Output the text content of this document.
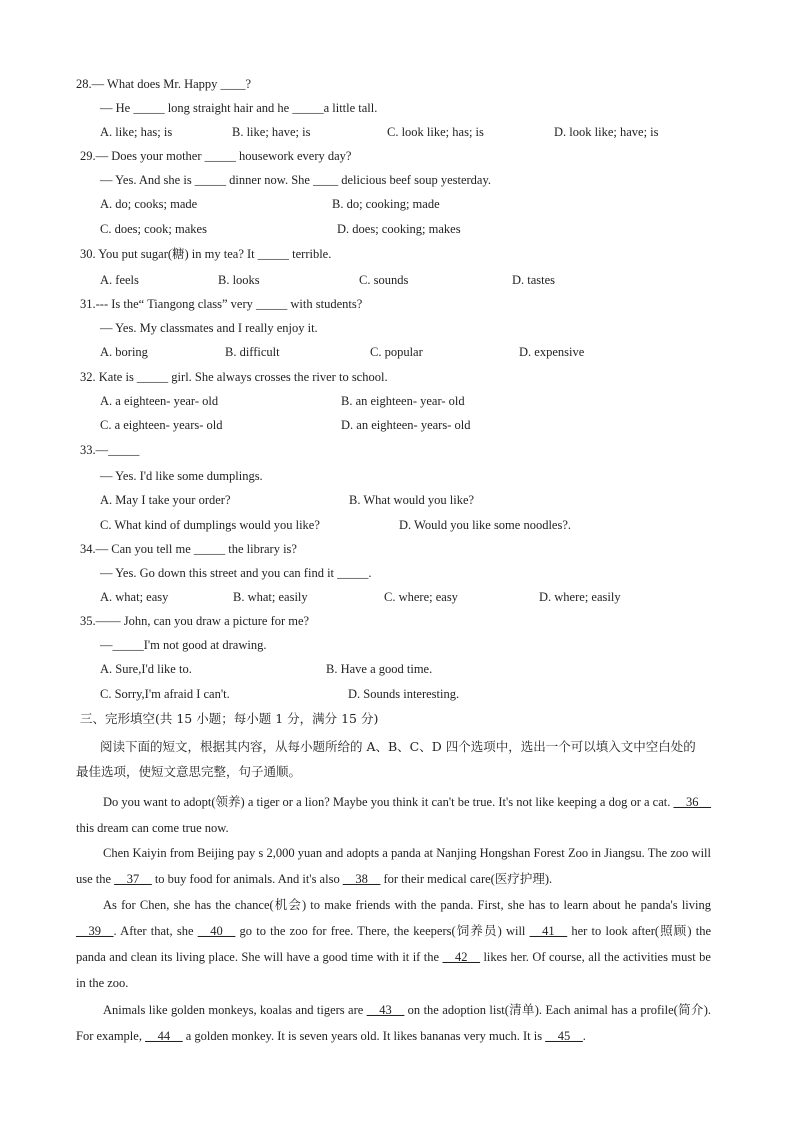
28.— What does Mr. Happy ____?
— He _____ long straight hair and he _____a little tall.
A. like; has; is	B. like; have; is	C. look like; has; is	D. look like; have; is
29.— Does your mother _____ housework every day?
— Yes. And she is _____ dinner now. She ____ delicious beef soup yesterday.
A. do; cooks; made	B. do; cooking; made
C. does; cook; makes	D. does; cooking; makes
30. You put sugar(糖) in my tea? It _____ terrible.
A. feels	B. looks	C. sounds	D. tastes
31.--- Is the“ Tiangong class” very _____ with students?
— Yes. My classmates and I really enjoy it.
A. boring	B. difficult	C. popular	D. expensive
32. Kate is _____ girl. She always crosses the river to school.
A. a eighteen- year- old	B. an eighteen- year- old
C. a eighteen- years- old	D. an eighteen- years- old
33.—_____
— Yes. I'd like some dumplings.
A. May I take your order?	B. What would you like?
C. What kind of dumplings would you like?	D. Would you like some noodles?.
34.— Can you tell me _____ the library is?
— Yes. Go down this street and you can find it _____.
A. what; easy	B. what; easily	C. where; easy	D. where; easily
35.—— John, can you draw a picture for me?
—_____I'm not good at drawing.
A. Sure,I'd like to.	B. Have a good time.
C. Sorry,I'm afraid I can't.	D. Sounds interesting.
三、完形填空(共 15 小题；每小题 1 分，满分 15 分)
阅读下面的短文，根据其内容，从每小题所给的 A、B、C、D 四个选项中，选出一个可以填入文中空白处的最佳选项，使短文意思完整，句子通顺。
Do you want to adopt(领养) a tiger or a lion? Maybe you think it can't be true. It's not like keeping a dog or a cat. __36__ this dream can come true now.
Chen Kaiyin from Beijing pay s 2,000 yuan and adopts a panda at Nanjing Hongshan Forest Zoo in Jiangsu. The zoo will use the __37__ to buy food for animals. And it's also __38__ for their medical care(医疗护理).
As for Chen, she has the chance(机会) to make friends with the panda. First, she has to learn about he panda's living __39__. After that, she __40__ go to the zoo for free. There, the keepers(饲养员) will __41__ her to look after(照顾) the panda and clean its living place. She will have a good time with it if the __42__ likes her. Of course, all the activities must be in the zoo.
Animals like golden monkeys, koalas and tigers are __43__ on the adoption list(清单). Each animal has a profile(简介). For example, __44__ a golden monkey. It is seven years old. It likes bananas very much. It is __45__.
